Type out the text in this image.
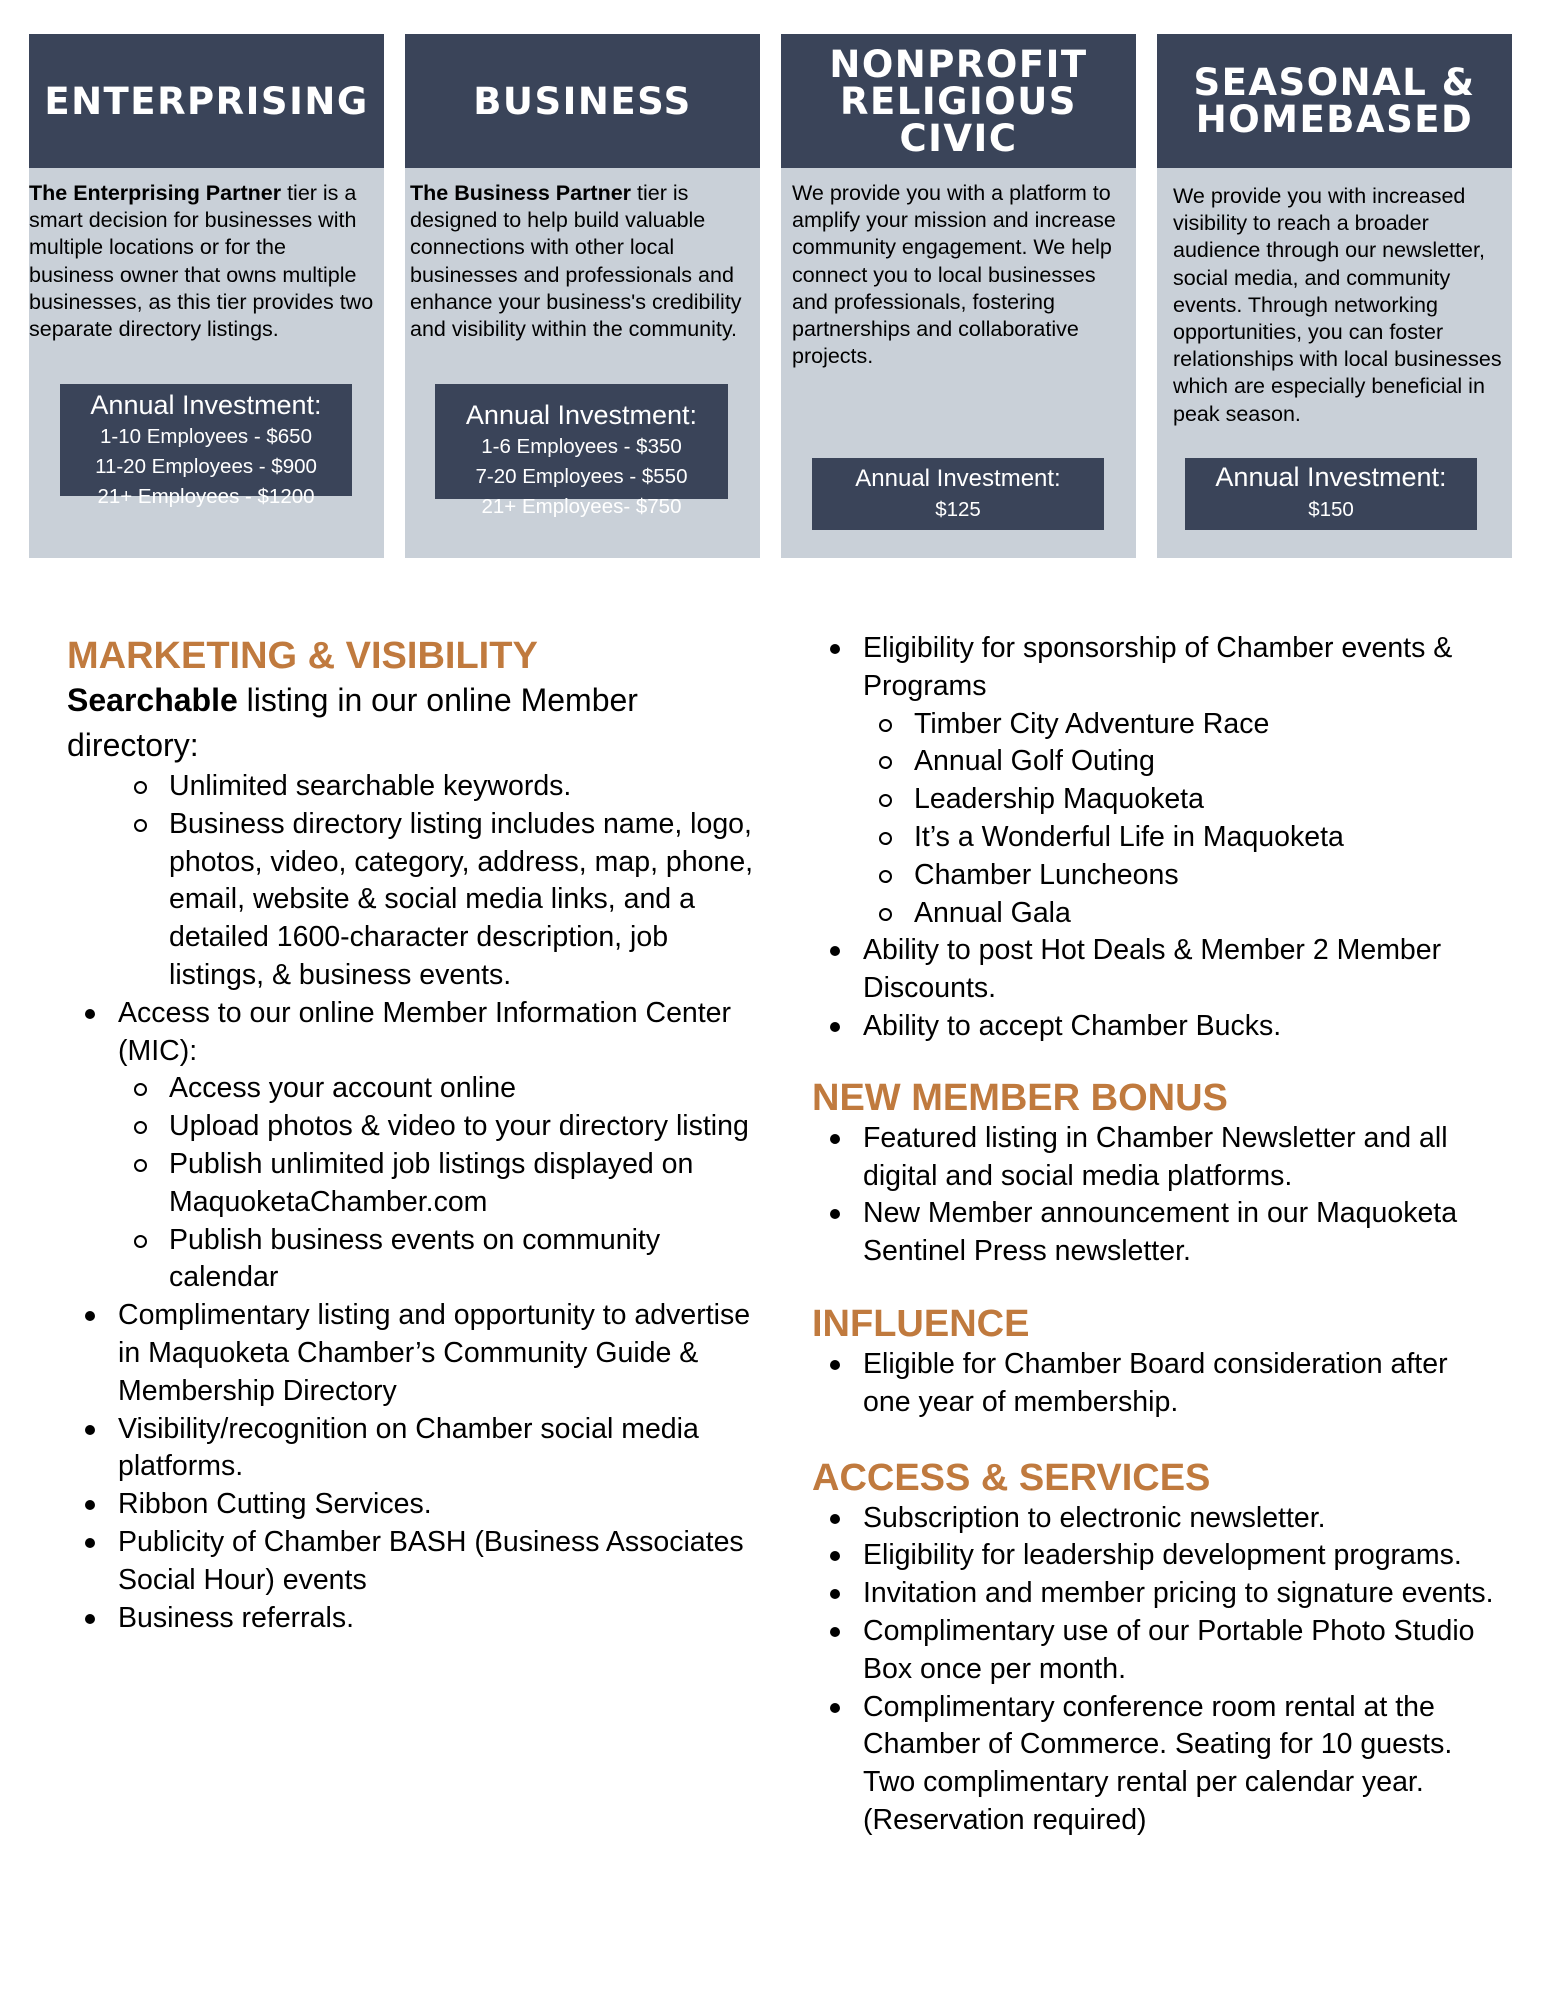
ENTERPRISING
The Enterprising Partner tier is a smart decision for businesses with multiple locations or for the business owner that owns multiple businesses, as this tier provides two separate directory listings.
Annual Investment:
1-10 Employees - $650
11-20 Employees - $900
21+ Employees - $1200
BUSINESS
The Business Partner tier is designed to help build valuable connections with other local businesses and professionals and enhance your business's credibility and visibility within the community.
Annual Investment:
1-6 Employees - $350
7-20 Employees - $550
21+ Employees- $750
NONPROFIT
RELIGIOUS
CIVIC
We provide you with a platform to amplify your mission and increase community engagement. We help connect you to local businesses and professionals, fostering partnerships and collaborative projects.
Annual Investment:
$125
SEASONAL &
HOMEBASED
We provide you with increased visibility to reach a broader audience through our newsletter, social media, and community events. Through networking opportunities, you can foster relationships with local businesses which are especially beneficial in peak season.
Annual Investment:
$150
MARKETING & VISIBILITY

Searchable listing in our online Member directory:

Unlimited searchable keywords.
Business directory listing includes name, logo, photos, video, category, address, map, phone, email, website & social media links, and a detailed 1600-character description, job listings, & business events.
Access to our online Member Information Center (MIC):
Access your account online
Upload photos & video to your directory listing
Publish unlimited job listings displayed on MaquoketaChamber.com
Publish business events on community calendar
Complimentary listing and opportunity to advertise in Maquoketa Chamber’s Community Guide & Membership Directory
Visibility/recognition on Chamber social media platforms.
Ribbon Cutting Services.
Publicity of Chamber BASH (Business Associates Social Hour) events
Business referrals.
Eligibility for sponsorship of Chamber events & Programs
Timber City Adventure Race
Annual Golf Outing
Leadership Maquoketa
It’s a Wonderful Life in Maquoketa
Chamber Luncheons
Annual Gala
Ability to post Hot Deals & Member 2 Member Discounts.
Ability to accept Chamber Bucks.
NEW MEMBER BONUS
Featured listing in Chamber Newsletter and all digital and social media platforms.
New Member announcement in our Maquoketa Sentinel Press newsletter.
INFLUENCE
Eligible for Chamber Board consideration after one year of membership.
ACCESS & SERVICES
Subscription to electronic newsletter.
Eligibility for leadership development programs.
Invitation and member pricing to signature events.
Complimentary use of our Portable Photo Studio Box once per month.
Complimentary conference room rental at the Chamber of Commerce. Seating for 10 guests. Two complimentary rental per calendar year. (Reservation required)
